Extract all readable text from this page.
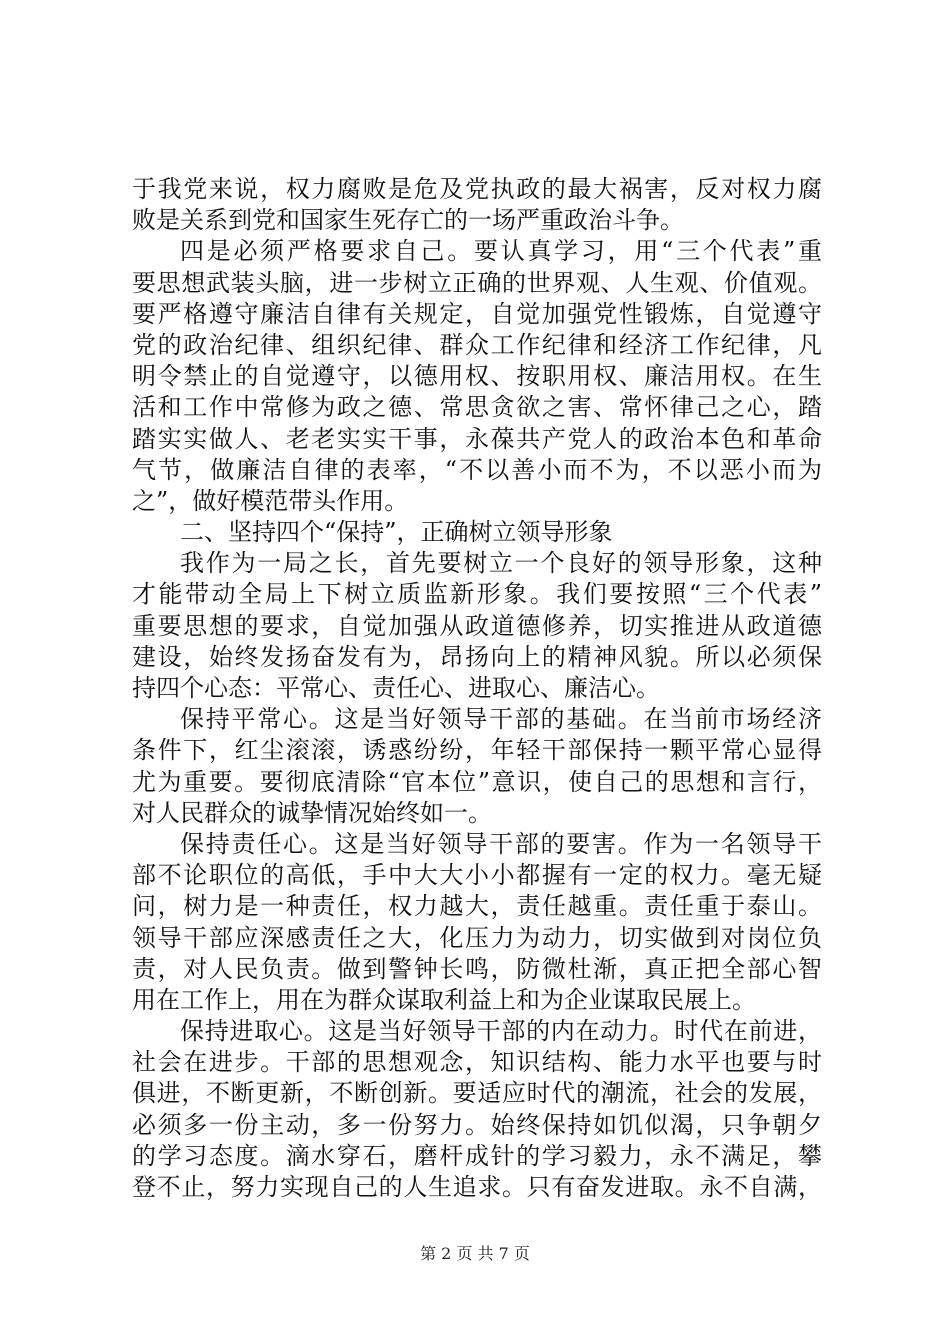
于我党来说，权力腐败是危及党执政的最大祸害，反对权力腐
败是关系到党和国家生死存亡的一场严重政治斗争。
四是必须严格要求自己。要认真学习，用“三个代表”重
要思想武装头脑，进一步树立正确的世界观、人生观、价值观。
要严格遵守廉洁自律有关规定，自觉加强党性锻炼，自觉遵守
党的政治纪律、组织纪律、群众工作纪律和经济工作纪律，凡
明令禁止的自觉遵守，以德用权、按职用权、廉洁用权。在生
活和工作中常修为政之德、常思贪欲之害、常怀律己之心，踏
踏实实做人、老老实实干事，永葆共产党人的政治本色和革命
气节，做廉洁自律的表率，“不以善小而不为，不以恶小而为
之”，做好模范带头作用。
二、坚持四个“保持”，正确树立领导形象
我作为一局之长，首先要树立一个良好的领导形象，这种
才能带动全局上下树立质监新形象。我们要按照“三个代表”
重要思想的要求，自觉加强从政道德修养，切实推进从政道德
建设，始终发扬奋发有为，昂扬向上的精神风貌。所以必须保
持四个心态：平常心、责任心、进取心、廉洁心。
保持平常心。这是当好领导干部的基础。在当前市场经济
条件下，红尘滚滚，诱惑纷纷，年轻干部保持一颗平常心显得
尤为重要。要彻底清除“官本位”意识，使自己的思想和言行，
对人民群众的诚挚情况始终如一。
保持责任心。这是当好领导干部的要害。作为一名领导干
部不论职位的高低，手中大大小小都握有一定的权力。毫无疑
问，树力是一种责任，权力越大，责任越重。责任重于泰山。
领导干部应深感责任之大，化压力为动力，切实做到对岗位负
责，对人民负责。做到警钟长鸣，防微杜渐，真正把全部心智
用在工作上，用在为群众谋取利益上和为企业谋取民展上。
保持进取心。这是当好领导干部的内在动力。时代在前进，
社会在进步。干部的思想观念，知识结构、能力水平也要与时
俱进，不断更新，不断创新。要适应时代的潮流，社会的发展，
必须多一份主动，多一份努力。始终保持如饥似渴，只争朝夕
的学习态度。滴水穿石，磨杆成针的学习毅力，永不满足，攀
登不止，努力实现自己的人生追求。只有奋发进取。永不自满，
第 2 页 共 7 页
